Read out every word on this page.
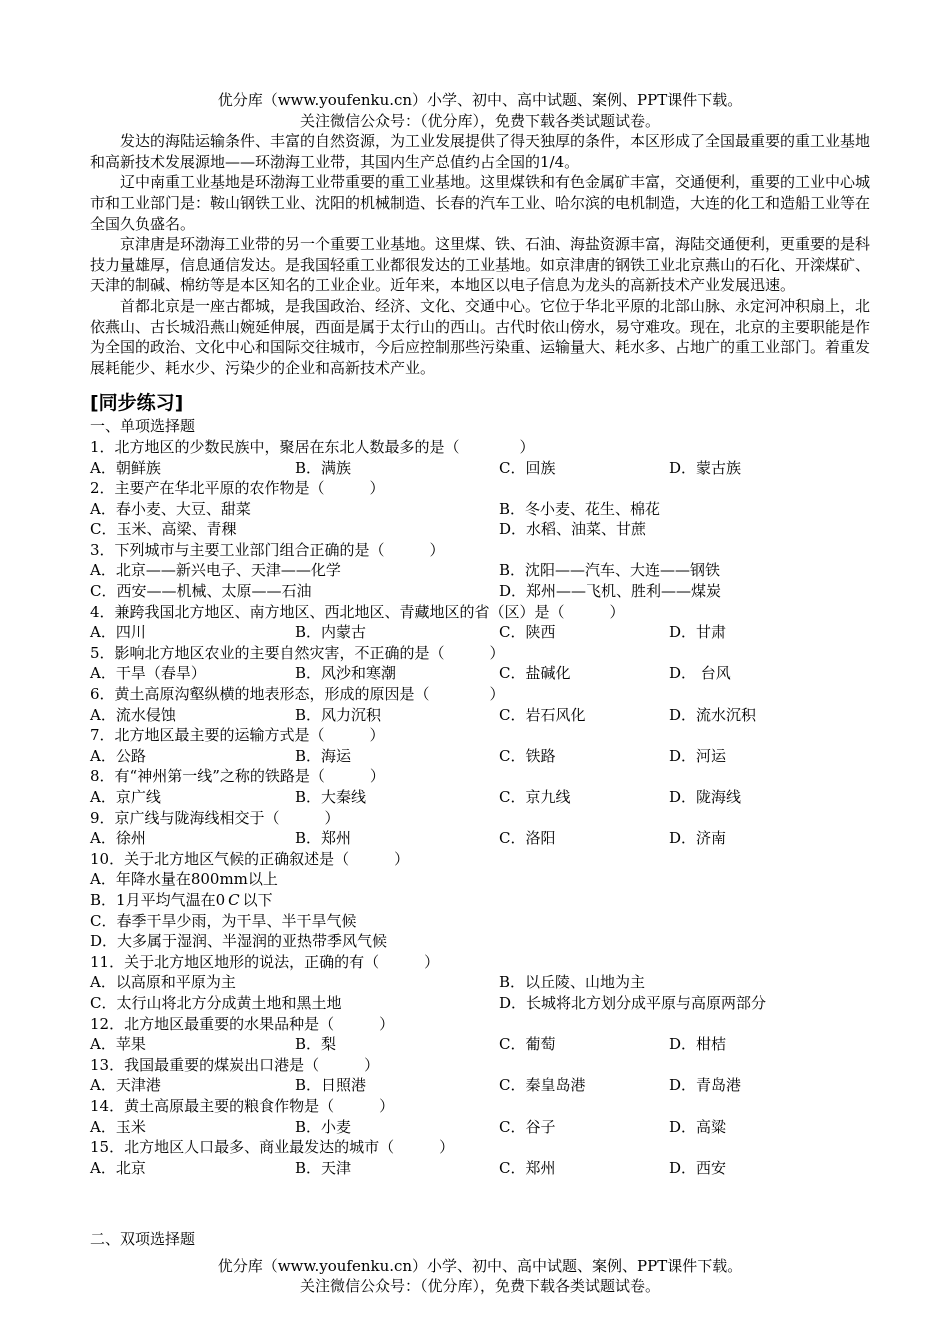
优分库（www.youfenku.cn）小学、初中、高中试题、案例、PPT课件下载。
关注微信公众号：（优分库），免费下载各类试题试卷。

发达的海陆运输条件、丰富的自然资源，为工业发展提供了得天独厚的条件，本区形成了全国最重要的重工业基地和高新技术发展源地——环渤海工业带，其国内生产总值约占全国的1/4。

辽中南重工业基地是环渤海工业带重要的重工业基地。这里煤铁和有色金属矿丰富，交通便利，重要的工业中心城市和工业部门是：鞍山钢铁工业、沈阳的机械制造、长春的汽车工业、哈尔滨的电机制造，大连的化工和造船工业等在全国久负盛名。

京津唐是环渤海工业带的另一个重要工业基地。这里煤、铁、石油、海盐资源丰富，海陆交通便利，更重要的是科技力量雄厚，信息通信发达。是我国轻重工业都很发达的工业基地。如京津唐的钢铁工业北京燕山的石化、开滦煤矿、天津的制碱、棉纺等是本区知名的工业企业。近年来，本地区以电子信息为龙头的高新技术产业发展迅速。

首都北京是一座古都城，是我国政治、经济、文化、交通中心。它位于华北平原的北部山脉、永定河冲积扇上，北依燕山、古长城沿燕山婉延伸展，西面是属于太行山的西山。古代时依山傍水，易守难攻。现在，北京的主要职能是作为全国的政治、文化中心和国际交往城市，今后应控制那些污染重、运输量大、耗水多、占地广的重工业部门。着重发展耗能少、耗水少、污染少的企业和高新技术产业。

[同步练习]
一、单项选择题
1．北方地区的少数民族中，聚居在东北人数最多的是（　　　　）
A．朝鲜族	B．满族	C．回族	D．蒙古族
2．主要产在华北平原的农作物是（　　　）
A．春小麦、大豆、甜菜	B．冬小麦、花生、棉花
C．玉米、高梁、青稞	D．水稻、油菜、甘蔗
3．下列城市与主要工业部门组合正确的是（　　　）
A．北京——新兴电子、天津——化学	B．沈阳——汽车、大连——钢铁
C．西安——机械、太原——石油	D．郑州——飞机、胜利——煤炭
4．兼跨我国北方地区、南方地区、西北地区、青藏地区的省（区）是（　　　）
A．四川	B．内蒙古	C．陕西	D．甘肃
5．影响北方地区农业的主要自然灾害，不正确的是（　　　）
A．干旱（春旱）	B．风沙和寒潮	C．盐碱化	D． 台风
6．黄土高原沟壑纵横的地表形态，形成的原因是（　　　　）
A．流水侵蚀	B．风力沉积	C．岩石风化	D．流水沉积
7．北方地区最主要的运输方式是（　　　）
A．公路	B．海运	C．铁路	D．河运
8．有“神州第一线”之称的铁路是（　　　）
A．京广线	B．大秦线	C．京九线	D．陇海线
9．京广线与陇海线相交于（　　　）
A．徐州	B．郑州	C．洛阳	D．济南
10．关于北方地区气候的正确叙述是（　　　）
A．年降水量在800mm以上
B．1月平均气温在0 C 以下
C．春季干旱少雨，为干旱、半干旱气候
D．大多属于湿润、半湿润的亚热带季风气候
11．关于北方地区地形的说法，正确的有（　　　）
A．以高原和平原为主	B．以丘陵、山地为主
C．太行山将北方分成黄土地和黑土地	D．长城将北方划分成平原与高原两部分
12．北方地区最重要的水果品种是（　　　）
A．苹果	B．梨	C．葡萄	D．柑桔
13．我国最重要的煤炭出口港是（　　　）
A．天津港	B．日照港	C．秦皇岛港	D．青岛港
14．黄土高原最主要的粮食作物是（　　　）
A．玉米	B．小麦	C．谷子	D．高粱
15．北方地区人口最多、商业最发达的城市（　　　）
A．北京	B．天津	C．郑州	D．西安
二、双项选择题
优分库（www.youfenku.cn）小学、初中、高中试题、案例、PPT课件下载。
关注微信公众号：（优分库），免费下载各类试题试卷。
